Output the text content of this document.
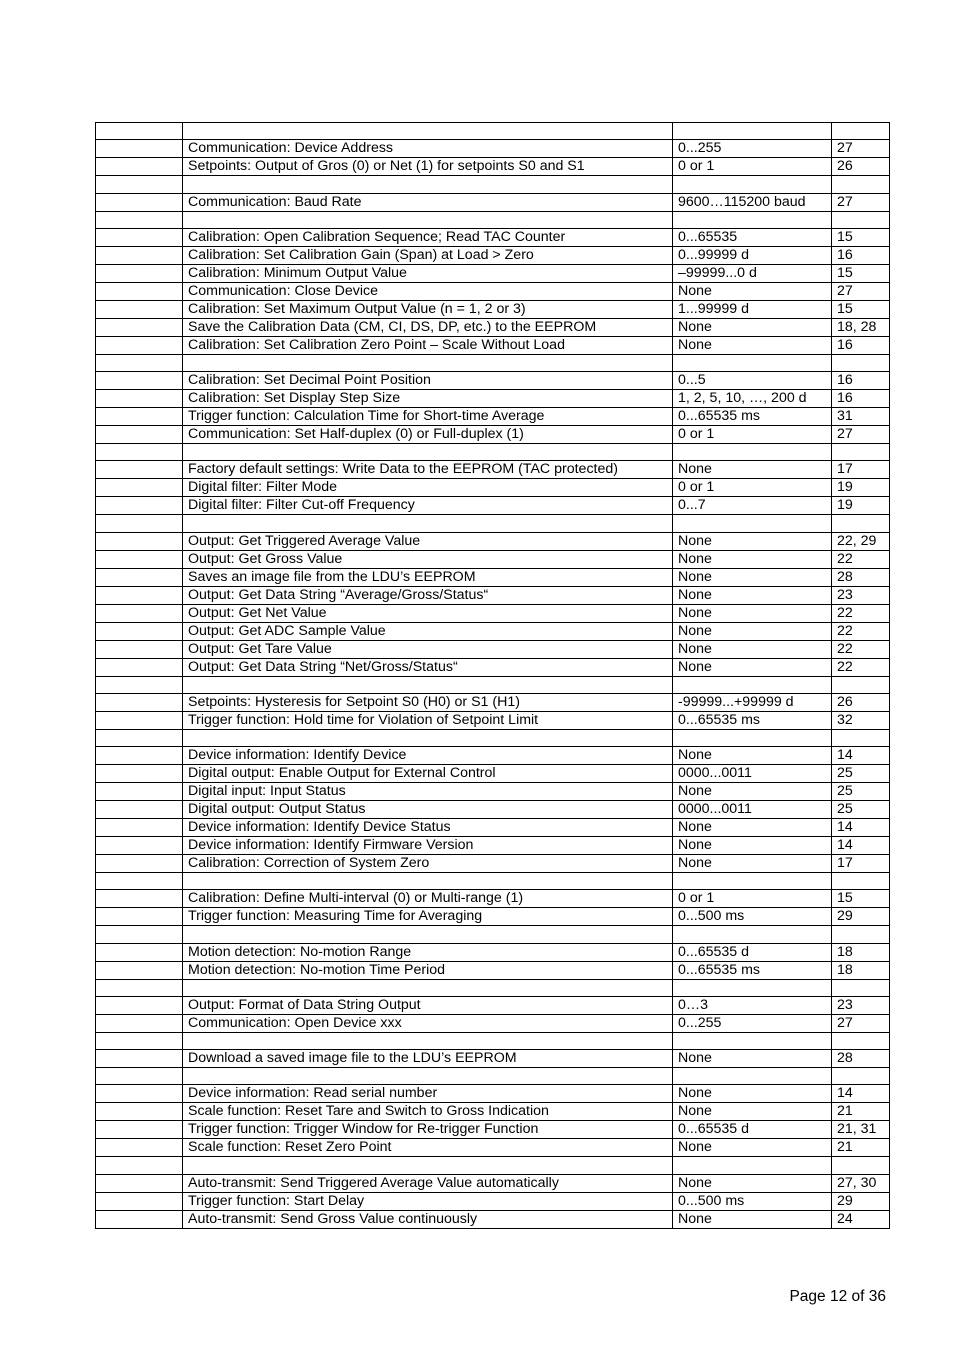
	Communication: Device Address	0...255	27
	Setpoints: Output of Gros (0) or Net (1) for setpoints S0 and S1	0 or 1	26

	Communication: Baud Rate	9600…115200 baud	27

	Calibration: Open Calibration Sequence; Read TAC Counter	0...65535	15
	Calibration: Set Calibration Gain (Span) at Load > Zero	0...99999 d	16
	Calibration: Minimum Output Value	–99999...0 d	15
	Communication: Close Device	None	27
	Calibration: Set Maximum Output Value (n = 1, 2 or 3)	1...99999 d	15
	Save the Calibration Data (CM, CI, DS, DP, etc.) to the EEPROM	None	18, 28
	Calibration: Set Calibration Zero Point – Scale Without Load	None	16

	Calibration: Set Decimal Point Position	0...5	16
	Calibration: Set Display Step Size	1, 2, 5, 10, …, 200 d	16
	Trigger function: Calculation Time for Short-time Average	0...65535 ms	31
	Communication: Set Half-duplex (0) or Full-duplex (1)	0 or 1	27

	Factory default settings: Write Data to the EEPROM (TAC protected)	None	17
	Digital filter: Filter Mode	0 or 1	19
	Digital filter: Filter Cut-off Frequency	0...7	19

	Output: Get Triggered Average Value	None	22, 29
	Output: Get Gross Value	None	22
	Saves an image file from the LDU’s EEPROM	None	28
	Output: Get Data String “Average/Gross/Status“	None	23
	Output: Get Net Value	None	22
	Output: Get ADC Sample Value	None	22
	Output: Get Tare Value	None	22
	Output: Get Data String “Net/Gross/Status“	None	22

	Setpoints: Hysteresis for Setpoint S0 (H0) or S1 (H1)	-99999...+99999 d	26
	Trigger function: Hold time for Violation of Setpoint Limit	0...65535 ms	32

	Device information: Identify Device	None	14
	Digital output: Enable Output for External Control	0000...0011	25
	Digital input: Input Status	None	25
	Digital output: Output Status	0000...0011	25
	Device information: Identify Device Status	None	14
	Device information: Identify Firmware Version	None	14
	Calibration: Correction of System Zero	None	17

	Calibration: Define Multi-interval (0) or Multi-range (1)	0 or 1	15
	Trigger function: Measuring Time for Averaging	0...500 ms	29

	Motion detection: No-motion Range	0...65535 d	18
	Motion detection: No-motion Time Period	0...65535 ms	18

	Output: Format of Data String Output	0…3	23
	Communication: Open Device xxx	0...255	27

	Download a saved image file to the LDU’s EEPROM	None	28

	Device information: Read serial number	None	14
	Scale function: Reset Tare and Switch to Gross Indication	None	21
	Trigger function: Trigger Window for Re-trigger Function	0...65535 d	21, 31
	Scale function: Reset Zero Point	None	21

	Auto-transmit: Send Triggered Average Value automatically	None	27, 30
	Trigger function: Start Delay	0...500 ms	29
	Auto-transmit: Send Gross Value continuously	None	24
Page 12 of 36
